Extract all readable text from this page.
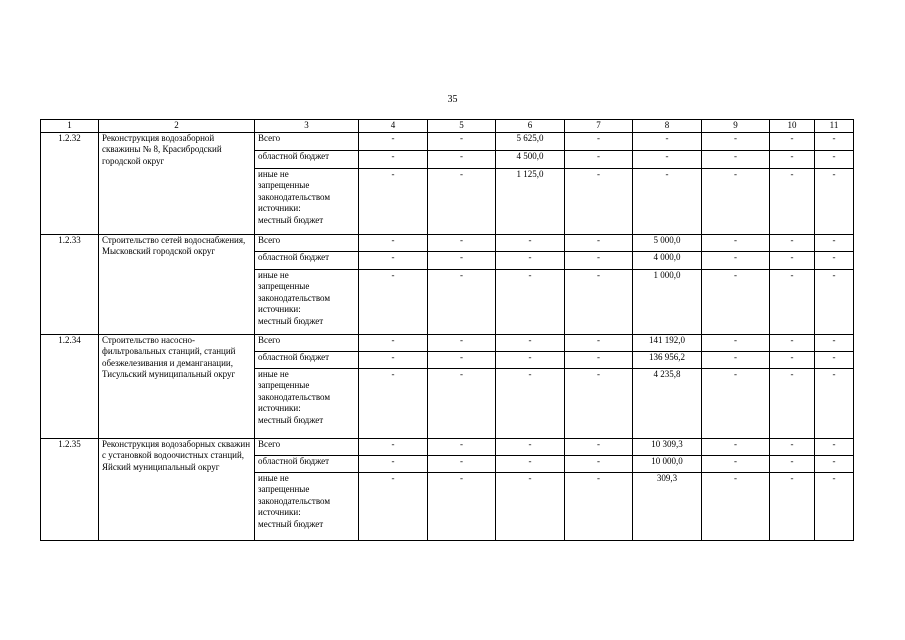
35
1	2	3	4	5	6	7	8	9	10	11
1.2.32	Реконструкция водозаборной скважины № 8, Красибродский городской округ	Всего	-	-	5 625,0	-	-	-	-	-
		областной бюджет	-	-	4 500,0	-	-	-	-	-

		иные не
запрещенные
законодательством
источники:
местный бюджет	-	-	1 125,0	-	-	-	-	-
1.2.33	Строительство сетей водоснабжения, Мысковский городской округ	Всего	-	-	-	-	5 000,0	-	-	-
		областной бюджет	-	-	-	-	4 000,0	-	-	-

		иные не
запрещенные
законодательством
источники:
местный бюджет	-	-	-	-	1 000,0	-	-	-
1.2.34	Строительство насосно-фильтровальных станций, станций обезжелезивания и деманганации, Тисульский муниципальный округ	Всего	-	-	-	-	141 192,0	-	-	-
		областной бюджет	-	-	-	-	136 956,2	-	-	-

		иные не
запрещенные
законодательством
источники:
местный бюджет	-	-	-	-	4 235,8	-	-	-
1.2.35	Реконструкция водозаборных скважин с установкой водоочистных станций, Яйский муниципальный округ	Всего	-	-	-	-	10 309,3	-	-	-
		областной бюджет	-	-	-	-	10 000,0	-	-	-

		иные не
запрещенные
законодательством
источники:
местный бюджет	-	-	-	-	309,3	-	-	-
